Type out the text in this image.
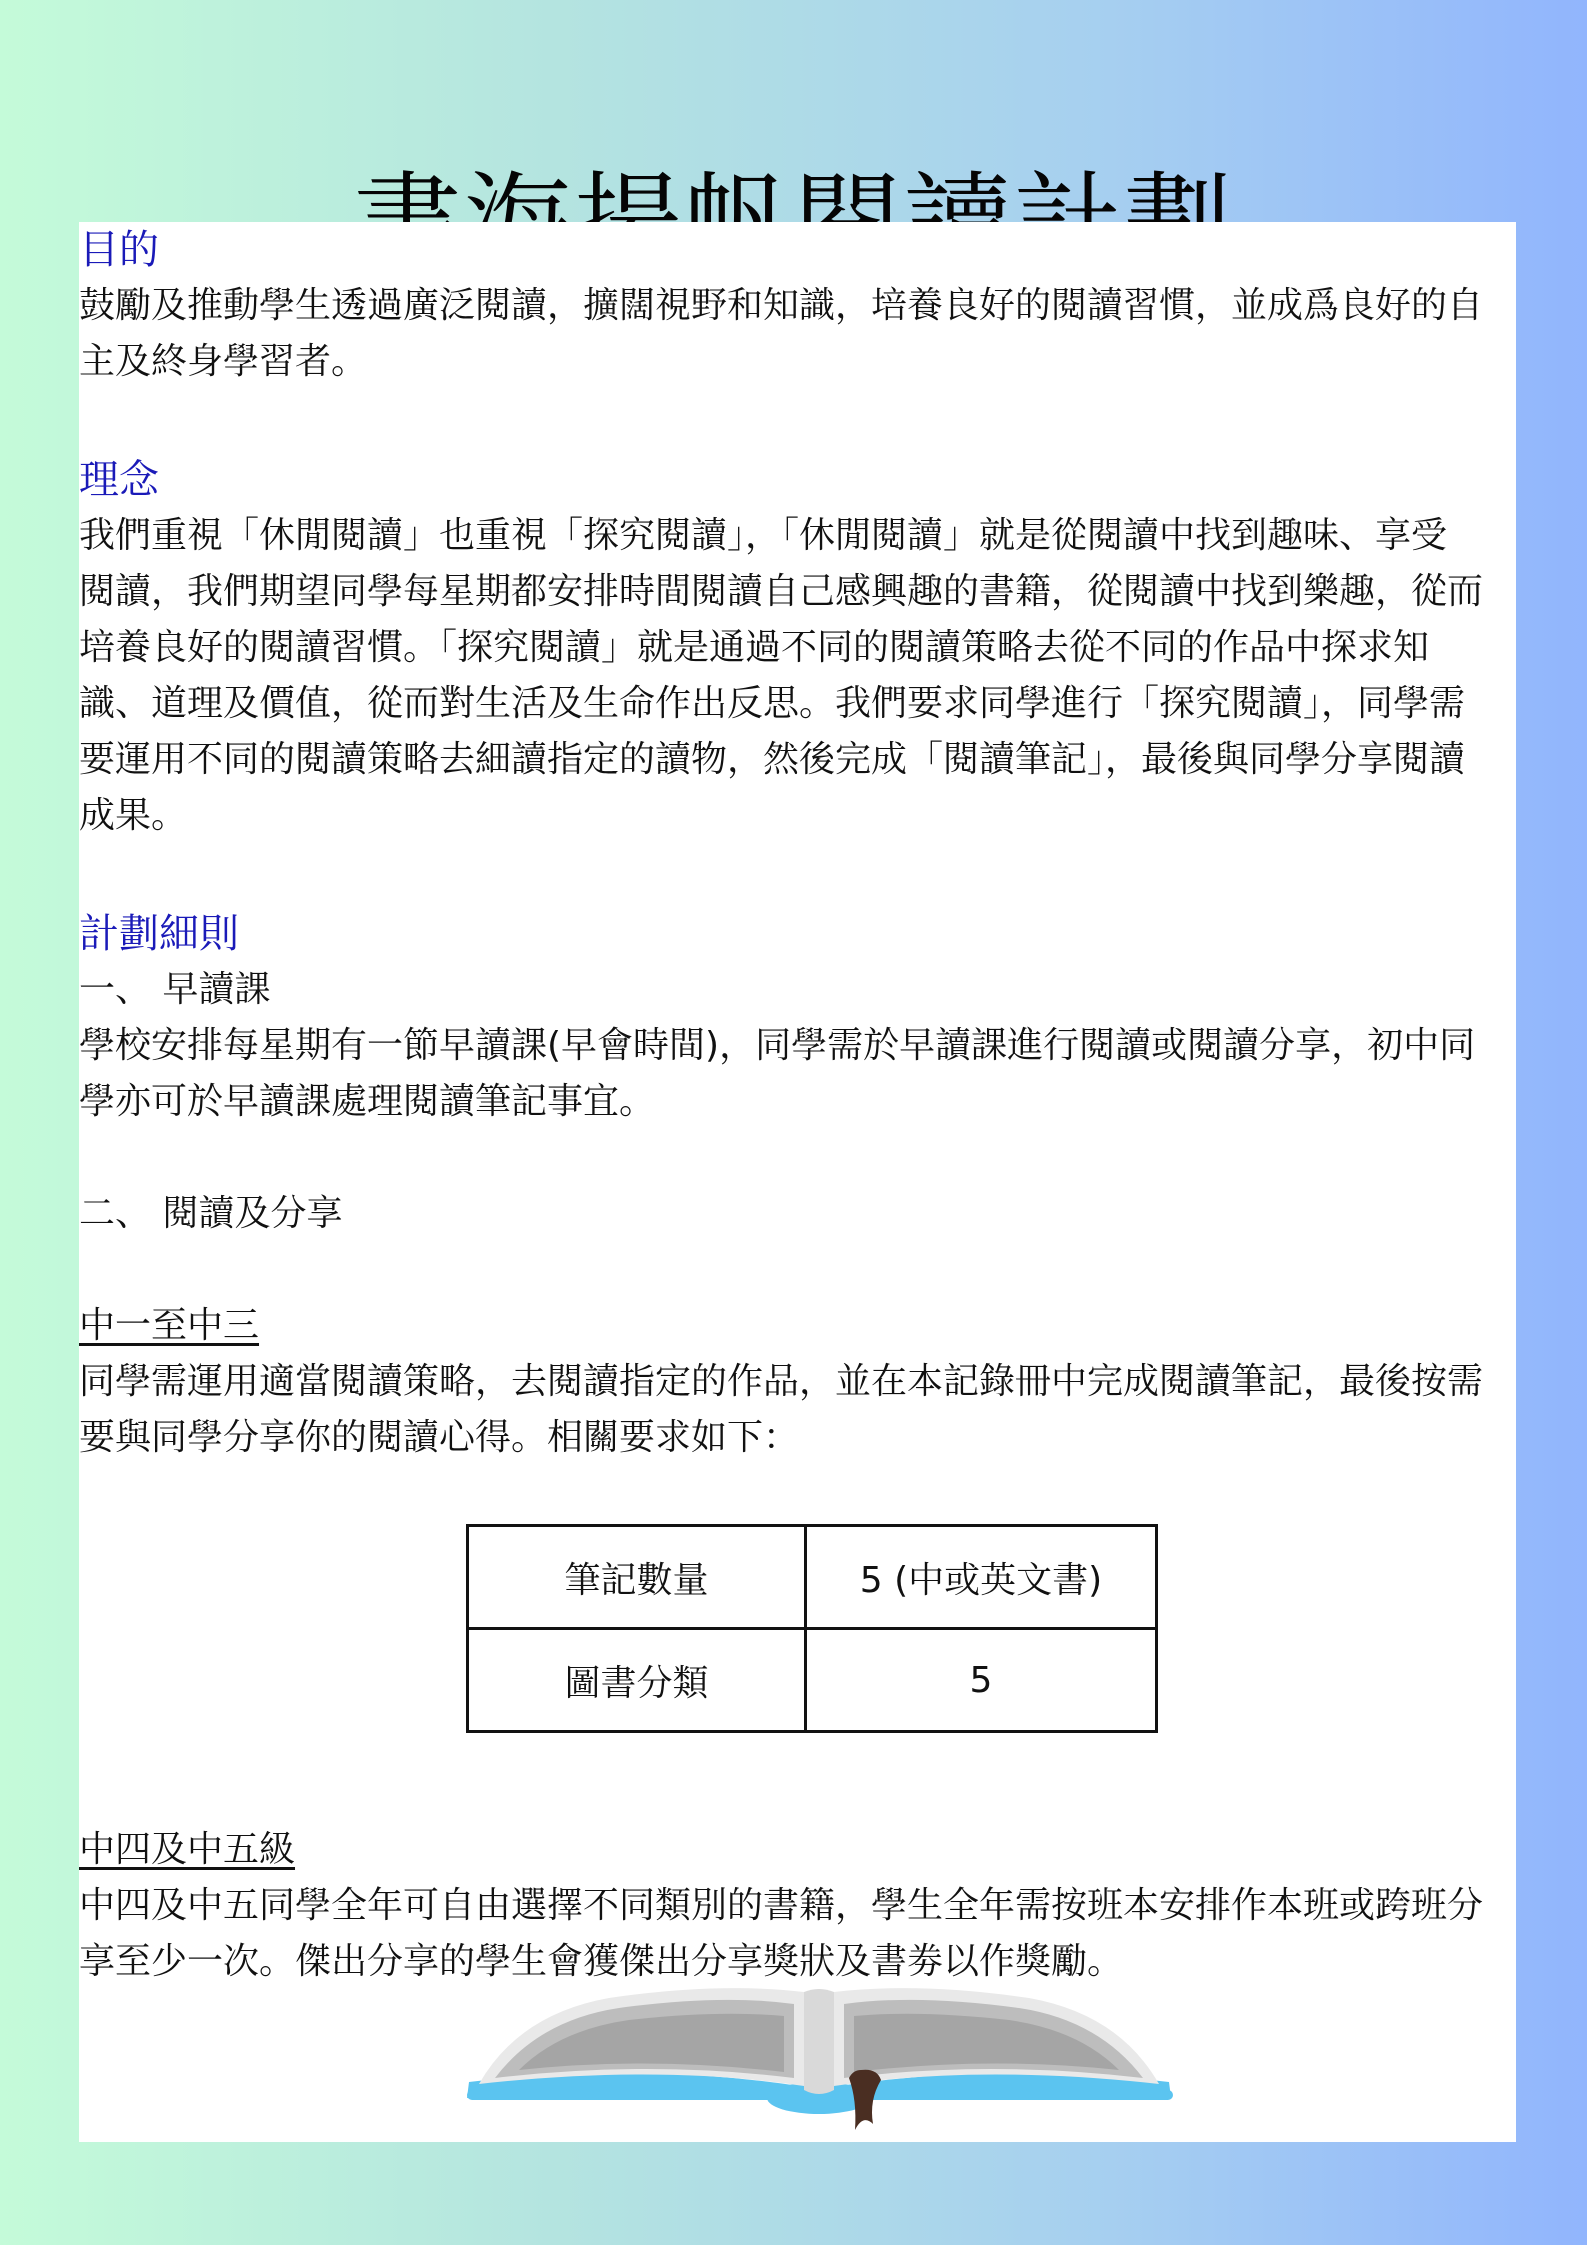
目的

鼓勵及推動學生透過廣泛閱讀，擴闊視野和知識，培養良好的閱讀習慣，並成爲良好的自

主及終身學習者。

理念

我們重視「休閒閱讀」也重視「探究閱讀」，「休閒閱讀」就是從閱讀中找到趣味、享受

閱讀，我們期望同學每星期都安排時間閱讀自己感興趣的書籍，從閱讀中找到樂趣，從而

培養良好的閱讀習慣。「探究閱讀」就是通過不同的閱讀策略去從不同的作品中探求知

識、道理及價值，從而對生活及生命作出反思。我們要求同學進行「探究閱讀」，同學需

要運用不同的閱讀策略去細讀指定的讀物，然後完成「閱讀筆記」，最後與同學分享閱讀

成果。

計劃細則

一、 早讀課

學校安排每星期有一節早讀課(早會時間)，同學需於早讀課進行閱讀或閱讀分享，初中同

學亦可於早讀課處理閱讀筆記事宜。

二、 閱讀及分享

中一至中三

同學需運用適當閱讀策略，去閱讀指定的作品，並在本記錄冊中完成閱讀筆記，最後按需

要與同學分享你的閱讀心得。相關要求如下：

筆記數量	5 (中或英文書)
圖書分類	5

中四及中五級

中四及中五同學全年可自由選擇不同類別的書籍，學生全年需按班本安排作本班或跨班分

享至少一次。傑出分享的學生會獲傑出分享獎狀及書劵以作獎勵。
